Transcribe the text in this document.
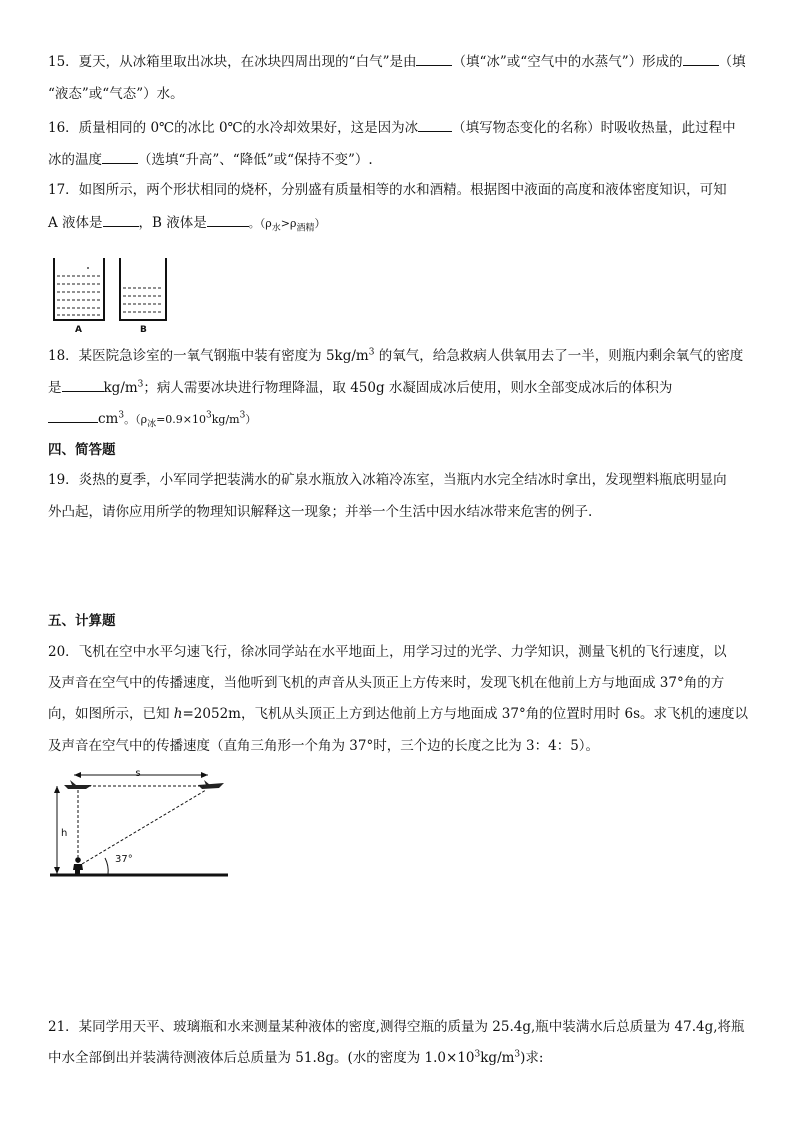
15．夏天，从冰箱里取出冰块，在冰块四周出现的“白气”是由	（填“冰”或“空气中的水蒸气”）形成的	（填
“液态”或“气态”）水。
16．质量相同的 0℃的冰比 0℃的水冷却效果好，这是因为冰	（填写物态变化的名称）时吸收热量，此过程中
冰的温度	（选填“升高”、“降低”或“保持不变”）.
17．如图所示，两个形状相同的烧杯，分别盛有质量相等的水和酒精。根据图中液面的高度和液体密度知识，可知
A 液体是	，B 液体是	。$(\rho_水>\rho_{酒精})$
A	B
18．某医院急诊室的一氧气钢瓶中装有密度为 $5kg/m^3$ 的氧气，给急救病人供氧用去了一半，则瓶内剩余氧气的密度
是	$kg/m^3$；病人需要冰块进行物理降温，取 450g 水凝固成冰后使用，则水全部变成冰后的体积为
$cm^3$。$(\rho_冰=0.9\times 10^3kg/m^3)$
四、简答题
19．炎热的夏季，小军同学把装满水的矿泉水瓶放入冰箱冷冻室，当瓶内水完全结冰时拿出，发现塑料瓶底明显向
外凸起，请你应用所学的物理知识解释这一现象；并举一个生活中因水结冰带来危害的例子.
五、计算题
20．飞机在空中水平匀速飞行，徐冰同学站在水平地面上，用学习过的光学、力学知识，测量飞机的飞行速度，以
及声音在空气中的传播速度，当他听到飞机的声音从头顶正上方传来时，发现飞机在他前上方与地面成 37°角的方
向，如图所示，已知 h=2052m，飞机从头顶正上方到达他前上方与地面成 37°角的位置时用时 6s。求飞机的速度以
及声音在空气中的传播速度（直角三角形一个角为 37°时，三个边的长度之比为 3：4：5）。
s
h
37°
21．某同学用天平、玻璃瓶和水来测量某种液体的密度,测得空瓶的质量为 25.4g,瓶中装满水后总质量为 47.4g,将瓶
中水全部倒出并装满待测液体后总质量为 51.8g。(水的密度为 $1.0\times 10^3kg/m^3$)求:
